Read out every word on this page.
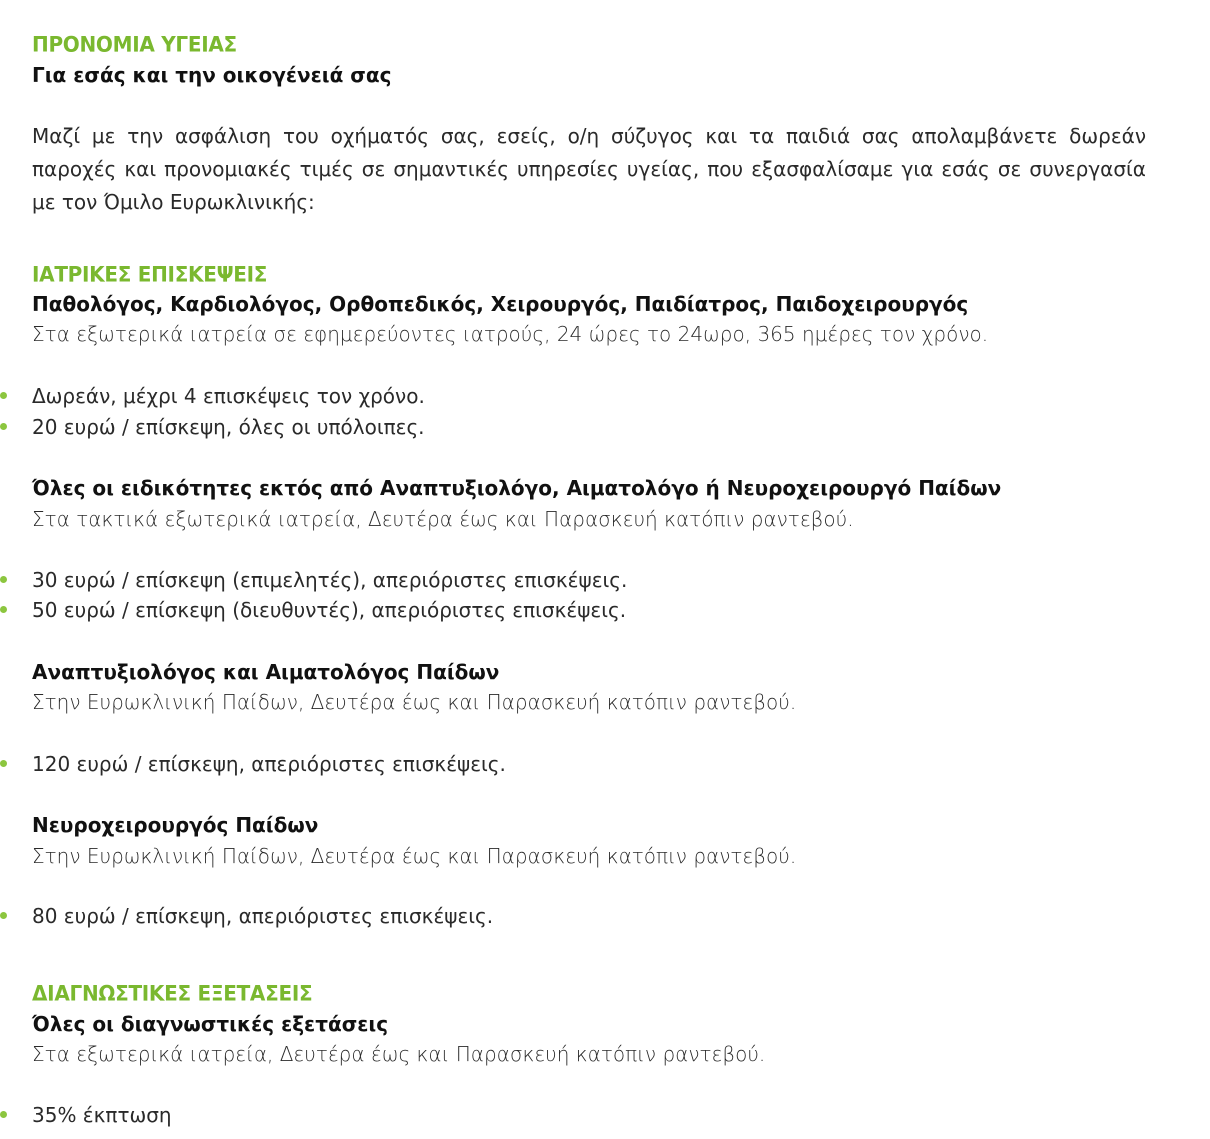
ΠΡΟΝΟΜΙΑ ΥΓΕΙΑΣ
Για εσάς και την οικογένειά σας
Μαζί με την ασφάλιση του οχήματός σας, εσείς, ο/η σύζυγος και τα παιδιά σας απολαμβάνετε δωρεάν παροχές και προνομιακές τιμές σε σημαντικές υπηρεσίες υγείας, που εξασφαλίσαμε για εσάς σε συνεργασία με τον Όμιλο Ευρωκλινικής:
ΙΑΤΡΙΚΕΣ ΕΠΙΣΚΕΨΕΙΣ
Παθολόγος, Καρδιολόγος, Ορθοπεδικός, Χειρουργός, Παιδίατρος, Παιδοχειρουργός
Στα εξωτερικά ιατρεία σε εφημερεύοντες ιατρούς, 24 ώρες το 24ωρο, 365 ημέρες τον χρόνο.
Δωρεάν, μέχρι 4 επισκέψεις τον χρόνο.
20 ευρώ / επίσκεψη, όλες οι υπόλοιπες.
Όλες οι ειδικότητες εκτός από Αναπτυξιολόγο, Αιματολόγο ή Νευροχειρουργό Παίδων
Στα τακτικά εξωτερικά ιατρεία, Δευτέρα έως και Παρασκευή κατόπιν ραντεβού.
30 ευρώ / επίσκεψη (επιμελητές), απεριόριστες επισκέψεις.
50 ευρώ / επίσκεψη (διευθυντές), απεριόριστες επισκέψεις.
Αναπτυξιολόγος και Αιματολόγος Παίδων
Στην Ευρωκλινική Παίδων, Δευτέρα έως και Παρασκευή κατόπιν ραντεβού.
120 ευρώ / επίσκεψη, απεριόριστες επισκέψεις.
Νευροχειρουργός Παίδων
Στην Ευρωκλινική Παίδων, Δευτέρα έως και Παρασκευή κατόπιν ραντεβού.
80 ευρώ / επίσκεψη, απεριόριστες επισκέψεις.
ΔΙΑΓΝΩΣΤΙΚΕΣ ΕΞΕΤΑΣΕΙΣ
Όλες οι διαγνωστικές εξετάσεις
Στα εξωτερικά ιατρεία, Δευτέρα έως και Παρασκευή κατόπιν ραντεβού.
35% έκπτωση
